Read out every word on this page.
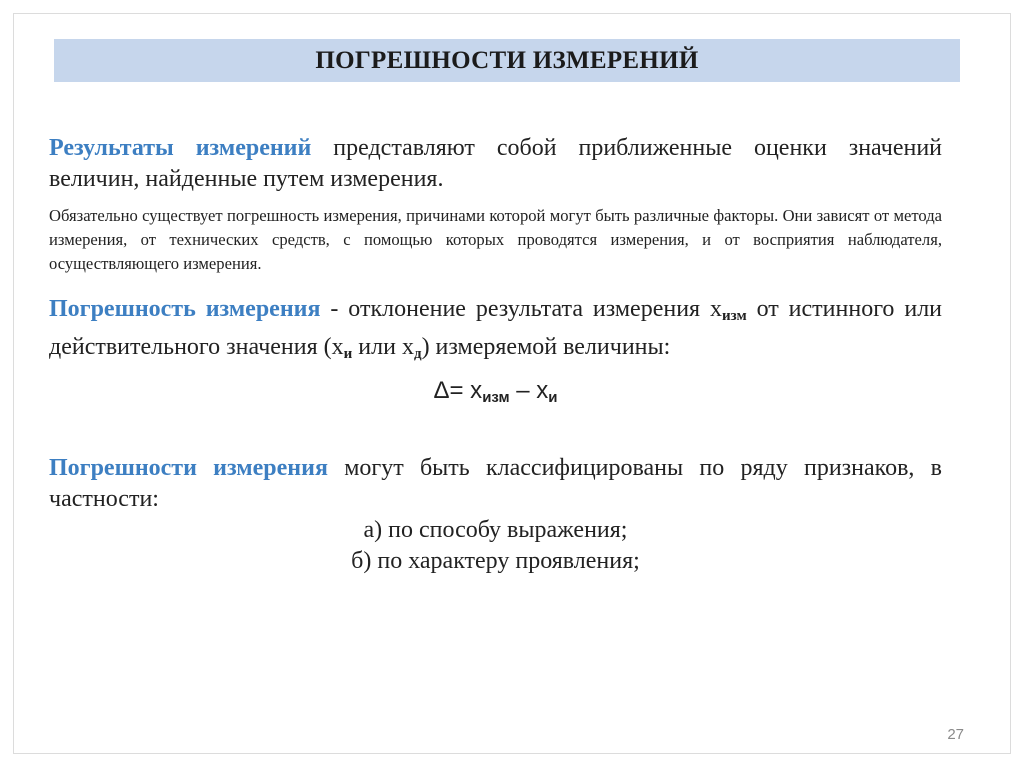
ПОГРЕШНОСТИ ИЗМЕРЕНИЙ

Результаты измерений представляют собой приближенные оценки значений величин, найденные путем измерения.

Обязательно существует погрешность измерения, причинами которой могут быть различные факторы. Они зависят от метода измерения, от технических средств, с помощью которых проводятся измерения, и от восприятия наблюдателя, осуществляющего измерения.

Погрешность измерения - отклонение результата измерения $x_{изм}$ от истинного или действительного значения ($x_и$ или $x_д$) измеряемой величины:

$\Delta= x_{изм} - x_и$

Погрешности измерения могут быть классифицированы по ряду признаков, в частности:

а) по способу выражения;
б) по характеру проявления;
27
